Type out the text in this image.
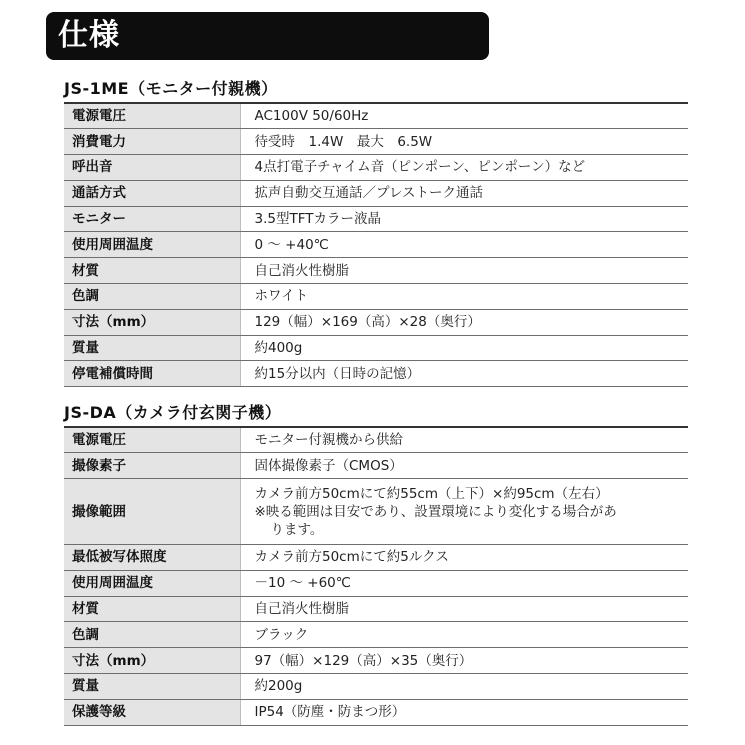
仕様
JS-1ME（モニター付親機）
電源電圧	AC100V 50/60Hz
消費電力	待受時　1.4W　最大　6.5W
呼出音	4点打電子チャイム音（ピンポーン、ピンポーン）など
通話方式	拡声自動交互通話／プレストーク通話
モニター	3.5型TFTカラー液晶
使用周囲温度	0 ～ +40℃
材質	自己消火性樹脂
色調	ホワイト
寸法（mm）	129（幅）×169（高）×28（奥行）
質量	約400g
停電補償時間	約15分以内（日時の記憶）
JS-DA（カメラ付玄関子機）
電源電圧	モニター付親機から供給
撮像素子	固体撮像素子（CMOS）
撮像範囲	カメラ前方50cmにて約55cm（上下）×約95cm（左右）
※映る範囲は目安であり、設置環境により変化する場合があ
ります。

最低被写体照度	カメラ前方50cmにて約5ルクス
使用周囲温度	－10 ～ +60℃
材質	自己消火性樹脂
色調	ブラック
寸法（mm）	97（幅）×129（高）×35（奥行）
質量	約200g
保護等級	IP54（防塵・防まつ形）
